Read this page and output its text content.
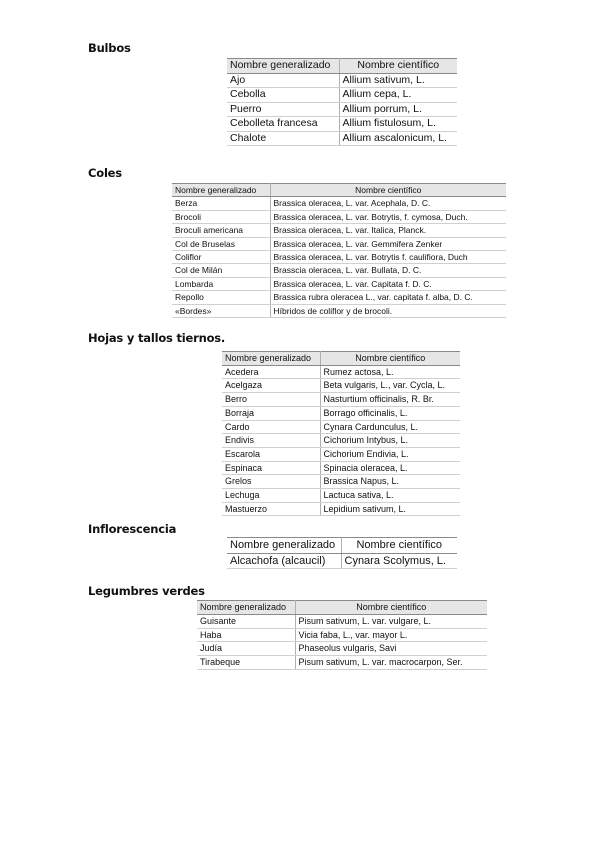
Bulbos
Nombre generalizado	Nombre científico
Ajo	Allium sativum, L.
Cebolla	Allium cepa, L.
Puerro	Allium porrum, L.
Cebolleta francesa	Allium fistulosum, L.
Chalote	Allium ascalonicum, L.
Coles
Nombre generalizado	Nombre científico
Berza	Brassica oleracea, L. var. Acephala, D. C.
Brocoli	Brassica oleracea, L. var. Botrytis, f. cymosa, Duch.
Broculi americana	Brassica oleracea, L. var. Italica, Planck.
Col de Bruselas	Brassica oleracea, L. var. Gemmifera Zenker
Coliflor	Brassica oleracea, L. var. Botrytis f. caulifiora, Duch
Col de Milán	Brasscia oleracea, L. var. Bullata, D. C.
Lombarda	Brassica oleracea, L. var. Capitata f. D. C.
Repollo	Brassica rubra oleracea L., var. capitata f. alba, D. C.
«Bordes»	Híbridos de coliflor y de brocoli.
Hojas y tallos tiernos.
Nombre generalizado	Nombre científico
Acedera	Rumez actosa, L.
Acelgaza	Beta vulgaris, L., var. Cycla, L.
Berro	Nasturtium officinalis, R. Br.
Borraja	Borrago officinalis, L.
Cardo	Cynara Cardunculus, L.
Endivis	Cichorium Intybus, L.
Escarola	Cichorium Endivia, L.
Espinaca	Spinacia oleracea, L.
Grelos	Brassica Napus, L.
Lechuga	Lactuca sativa, L.
Mastuerzo	Lepidium sativum, L.
Inflorescencia
Nombre generalizado	Nombre científico
Alcachofa (alcaucil)	Cynara Scolymus, L.
Legumbres verdes
Nombre generalizado	Nombre científico
Guisante	Pisum sativum, L. var. vulgare, L.
Haba	Vicia faba, L., var. mayor L.
Judía	Phaseolus vulgaris, Savi
Tirabeque	Pisum sativum, L. var. macrocarpon, Ser.
